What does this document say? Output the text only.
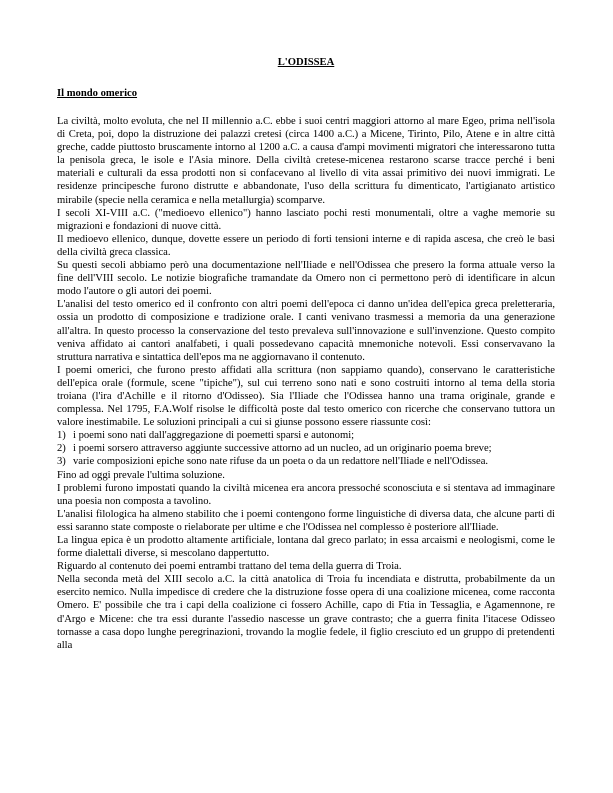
L'ODISSEA
Il mondo omerico

La civiltà, molto evoluta, che nel II millennio a.C. ebbe i suoi centri maggiori attorno al mare Egeo, prima nell'isola di Creta, poi, dopo la distruzione dei palazzi cretesi (circa 1400 a.C.) a Micene, Tirinto, Pilo, Atene e in altre città greche, cadde piuttosto bruscamente intorno al 1200 a.C. a causa d'ampi movimenti migratori che interessarono tutta la penisola greca, le isole e l'Asia minore. Della civiltà cretese-micenea restarono scarse tracce perché i beni materiali e culturali da essa prodotti non si confacevano al livello di vita assai primitivo dei nuovi immigrati. Le residenze principesche furono distrutte e abbandonate, l'uso della scrittura fu dimenticato, l'artigianato artistico mirabile (specie nella ceramica e nella metallurgia) scomparve.

I secoli XI-VIII a.C. ("medioevo ellenico") hanno lasciato pochi resti monumentali, oltre a vaghe memorie su migrazioni e fondazioni di nuove città.

Il medioevo ellenico, dunque, dovette essere un periodo di forti tensioni interne e di rapida ascesa, che creò le basi della civiltà greca classica.

Su questi secoli abbiamo però una documentazione nell'Iliade e nell'Odissea che presero la forma attuale verso la fine dell'VIII secolo. Le notizie biografiche tramandate da Omero non ci permettono però di identificare in alcun modo l'autore o gli autori dei poemi.

L'analisi del testo omerico ed il confronto con altri poemi dell'epoca ci danno un'idea dell'epica greca preletteraria, ossia un prodotto di composizione e tradizione orale. I canti venivano trasmessi a memoria da una generazione all'altra. In questo processo la conservazione del testo prevaleva sull'innovazione e sull'invenzione. Questo compito veniva affidato ai cantori analfabeti, i quali possedevano capacità mnemoniche notevoli. Essi conservavano la struttura narrativa e sintattica dell'epos ma ne aggiornavano il contenuto.

I poemi omerici, che furono presto affidati alla scrittura (non sappiamo quando), conservano le caratteristiche dell'epica orale (formule, scene "tipiche"), sul cui terreno sono nati e sono costruiti intorno al tema della storia troiana (l'ira d'Achille e il ritorno d'Odisseo). Sia l'Iliade che l'Odissea hanno una trama originale, grande e complessa. Nel 1795, F.A.Wolf risolse le difficoltà poste dal testo omerico con ricerche che conservano tuttora un valore inestimabile. Le soluzioni principali a cui si giunse possono essere riassunte così:

1) i poemi sono nati dall'aggregazione di poemetti sparsi e autonomi;
2) i poemi sorsero attraverso aggiunte successive attorno ad un nucleo, ad un originario poema breve;
3) varie composizioni epiche sono nate rifuse da un poeta o da un redattore nell'Iliade e nell'Odissea.

Fino ad oggi prevale l'ultima soluzione.

I problemi furono impostati quando la civiltà micenea era ancora pressoché sconosciuta e si stentava ad immaginare una poesia non composta a tavolino.

L'analisi filologica ha almeno stabilito che i poemi contengono forme linguistiche di diversa data, che alcune parti di essi saranno state composte o rielaborate per ultime e che l'Odissea nel complesso è posteriore all'Iliade.

La lingua epica è un prodotto altamente artificiale, lontana dal greco parlato; in essa arcaismi e neologismi, come le forme dialettali diverse, si mescolano dappertutto.

Riguardo al contenuto dei poemi entrambi trattano del tema della guerra di Troia.

Nella seconda metà del XIII secolo a.C. la città anatolica di Troia fu incendiata e distrutta, probabilmente da un esercito nemico. Nulla impedisce di credere che la distruzione fosse opera di una coalizione micenea, come racconta Omero. E' possibile che tra i capi della coalizione ci fossero Achille, capo di Ftia in Tessaglia, e Agamennone, re d'Argo e Micene: che tra essi durante l'assedio nascesse un grave contrasto; che a guerra finita l'itacese Odisseo tornasse a casa dopo lunghe peregrinazioni, trovando la moglie fedele, il figlio cresciuto ed un gruppo di pretendenti alla
